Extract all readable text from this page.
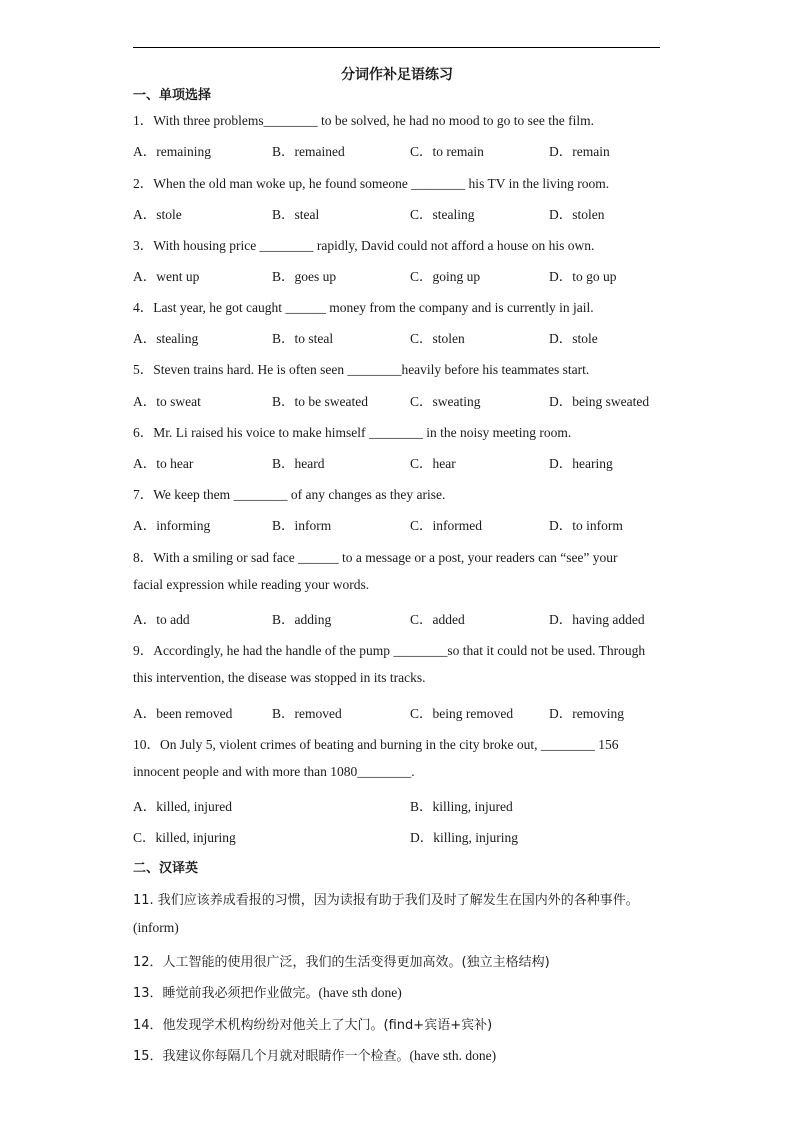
分词作补足语练习
一、单项选择
1．With three problems________ to be solved, he had no mood to go to see the film.
A．remaining	B．remained	C．to remain	D．remain
2．When the old man woke up, he found someone ________ his TV in the living room.
A．stole	B．steal	C．stealing	D．stolen
3．With housing price ________ rapidly, David could not afford a house on his own.
A．went up	B．goes up	C．going up	D．to go up
4．Last year, he got caught ______ money from the company and is currently in jail.
A．stealing	B．to steal	C．stolen	D．stole
5．Steven trains hard. He is often seen ________heavily before his teammates start.
A．to sweat	B．to be sweated	C．sweating	D．being sweated
6．Mr. Li raised his voice to make himself ________ in the noisy meeting room.
A．to hear	B．heard	C．hear	D．hearing
7．We keep them ________ of any changes as they arise.
A．informing	B．inform	C．informed	D．to inform
8．With a smiling or sad face ______ to a message or a post, your readers can “see” your
facial expression while reading your words.
A．to add	B．adding	C．added	D．having added
9．Accordingly, he had the handle of the pump ________so that it could not be used. Through
this intervention, the disease was stopped in its tracks.
A．been removed	B．removed	C．being removed	D．removing
10．On July 5, violent crimes of beating and burning in the city broke out, ________ 156
innocent people and with more than 1080________.
A．killed, injured	B．killing, injured
C．killed, injuring	D．killing, injuring
二、汉译英
11. 我们应该养成看报的习惯，因为读报有助于我们及时了解发生在国内外的各种事件。
(inform)
12．人工智能的使用很广泛，我们的生活变得更加高效。(独立主格结构)
13．睡觉前我必须把作业做完。(have sth done)
14．他发现学术机构纷纷对他关上了大门。(find+宾语+宾补)
15．我建议你每隔几个月就对眼睛作一个检查。(have sth. done)
